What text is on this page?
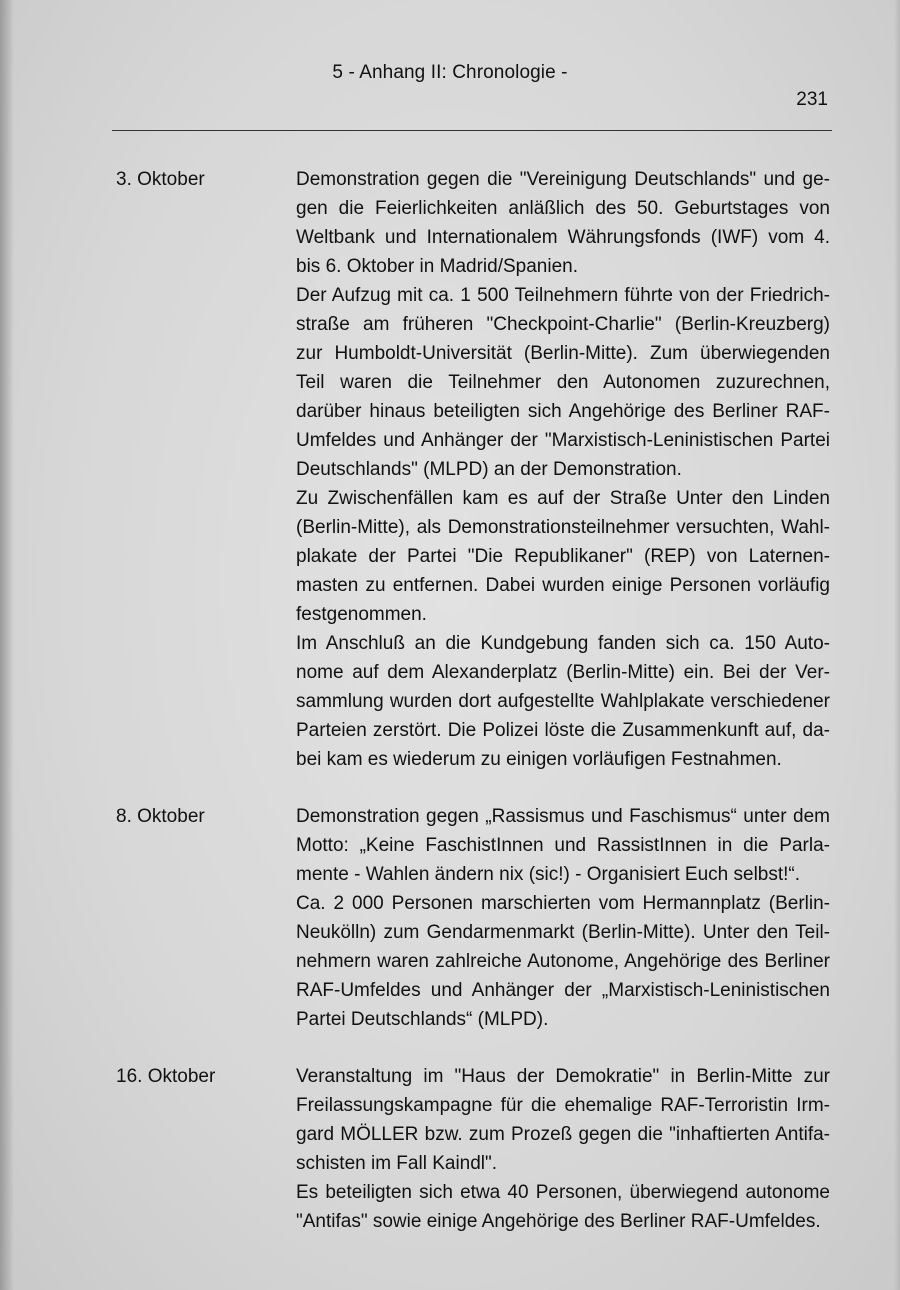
5 - Anhang II: Chronologie -
231
3. Oktober	Demonstration gegen die "Vereinigung Deutschlands" und gegen die Feierlichkeiten anläßlich des 50. Geburtstages von Weltbank und Internationalem Währungsfonds (IWF) vom 4. bis 6. Oktober in Madrid/Spanien.

Der Aufzug mit ca. 1 500 Teilnehmern führte von der Friedrichstraße am früheren "Checkpoint-Charlie" (Berlin-Kreuzberg) zur Humboldt-Universität (Berlin-Mitte). Zum überwiegenden Teil waren die Teilnehmer den Autonomen zuzurechnen, darüber hinaus beteiligten sich Angehörige des Berliner RAF-Umfeldes und Anhänger der "Marxistisch-Leninistischen Partei Deutschlands" (MLPD) an der Demonstration.

Zu Zwischenfällen kam es auf der Straße Unter den Linden (Berlin-Mitte), als Demonstrationsteilnehmer versuchten, Wahlplakate der Partei "Die Republikaner" (REP) von Laternenmasten zu entfernen. Dabei wurden einige Personen vorläufig festgenommen.

Im Anschluß an die Kundgebung fanden sich ca. 150 Autonome auf dem Alexanderplatz (Berlin-Mitte) ein. Bei der Versammlung wurden dort aufgestellte Wahlplakate verschiedener Parteien zerstört. Die Polizei löste die Zusammenkunft auf, dabei kam es wiederum zu einigen vorläufigen Festnahmen.

8. Oktober	Demonstration gegen „Rassismus und Faschismus“ unter dem Motto: „Keine FaschistInnen und RassistInnen in die Parlamente - Wahlen ändern nix (sic!) - Organisiert Euch selbst!“.

Ca. 2 000 Personen marschierten vom Hermannplatz (Berlin-Neukölln) zum Gendarmenmarkt (Berlin-Mitte). Unter den Teilnehmern waren zahlreiche Autonome, Angehörige des Berliner RAF-Umfeldes und Anhänger der „Marxistisch-Leninistischen Partei Deutschlands“ (MLPD).

16. Oktober	Veranstaltung im "Haus der Demokratie" in Berlin-Mitte zur Freilassungskampagne für die ehemalige RAF-Terroristin Irmgard MÖLLER bzw. zum Prozeß gegen die "inhaftierten Antifaschisten im Fall Kaindl".

Es beteiligten sich etwa 40 Personen, überwiegend autonome "Antifas" sowie einige Angehörige des Berliner RAF-Umfeldes.
